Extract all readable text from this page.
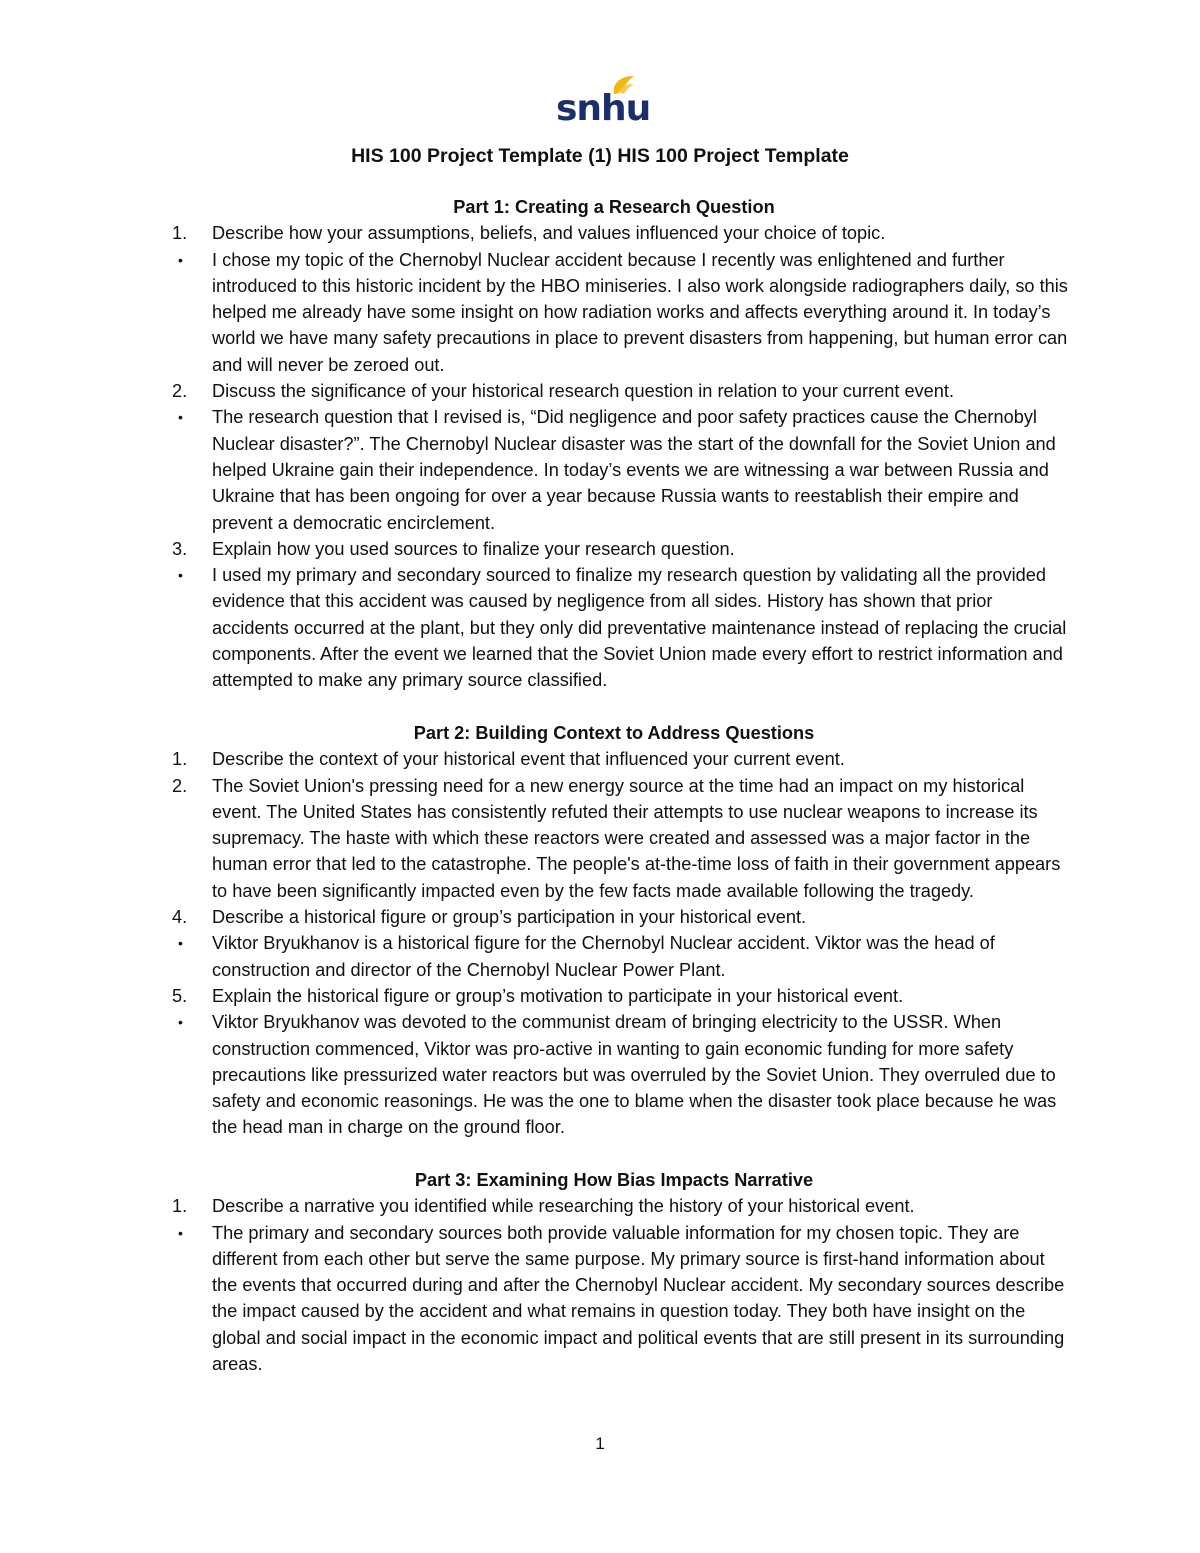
snhu
HIS 100 Project Template (1) HIS 100 Project Template
Part 1: Creating a Research Question
1.	Describe how your assumptions, beliefs, and values influenced your choice of topic.
•	I chose my topic of the Chernobyl Nuclear accident because I recently was enlightened and further introduced to this historic incident by the HBO miniseries. I also work alongside radiographers daily, so this helped me already have some insight on how radiation works and affects everything around it. In today’s world we have many safety precautions in place to prevent disasters from happening, but human error can and will never be zeroed out.
2.	Discuss the significance of your historical research question in relation to your current event.
•	The research question that I revised is, “Did negligence and poor safety practices cause the Chernobyl Nuclear disaster?”. The Chernobyl Nuclear disaster was the start of the downfall for the Soviet Union and helped Ukraine gain their independence. In today’s events we are witnessing a war between Russia and Ukraine that has been ongoing for over a year because Russia wants to reestablish their empire and prevent a democratic encirclement.
3.	Explain how you used sources to finalize your research question.
•	I used my primary and secondary sourced to finalize my research question by validating all the provided evidence that this accident was caused by negligence from all sides. History has shown that prior accidents occurred at the plant, but they only did preventative maintenance instead of replacing the crucial components. After the event we learned that the Soviet Union made every effort to restrict information and attempted to make any primary source classified.
Part 2: Building Context to Address Questions
1.	Describe the context of your historical event that influenced your current event.
2.	The Soviet Union's pressing need for a new energy source at the time had an impact on my historical event. The United States has consistently refuted their attempts to use nuclear weapons to increase its supremacy. The haste with which these reactors were created and assessed was a major factor in the human error that led to the catastrophe. The people's at-the-time loss of faith in their government appears to have been significantly impacted even by the few facts made available following the tragedy.
4.	Describe a historical figure or group’s participation in your historical event.
•	Viktor Bryukhanov is a historical figure for the Chernobyl Nuclear accident. Viktor was the head of construction and director of the Chernobyl Nuclear Power Plant.
5.	Explain the historical figure or group’s motivation to participate in your historical event.
•	Viktor Bryukhanov was devoted to the communist dream of bringing electricity to the USSR. When construction commenced, Viktor was pro-active in wanting to gain economic funding for more safety precautions like pressurized water reactors but was overruled by the Soviet Union. They overruled due to safety and economic reasonings. He was the one to blame when the disaster took place because he was the head man in charge on the ground floor.
Part 3: Examining How Bias Impacts Narrative
1.	Describe a narrative you identified while researching the history of your historical event.
•	The primary and secondary sources both provide valuable information for my chosen topic. They are different from each other but serve the same purpose. My primary source is first-hand information about the events that occurred during and after the Chernobyl Nuclear accident. My secondary sources describe the impact caused by the accident and what remains in question today. They both have insight on the global and social impact in the economic impact and political events that are still present in its surrounding areas.
1
